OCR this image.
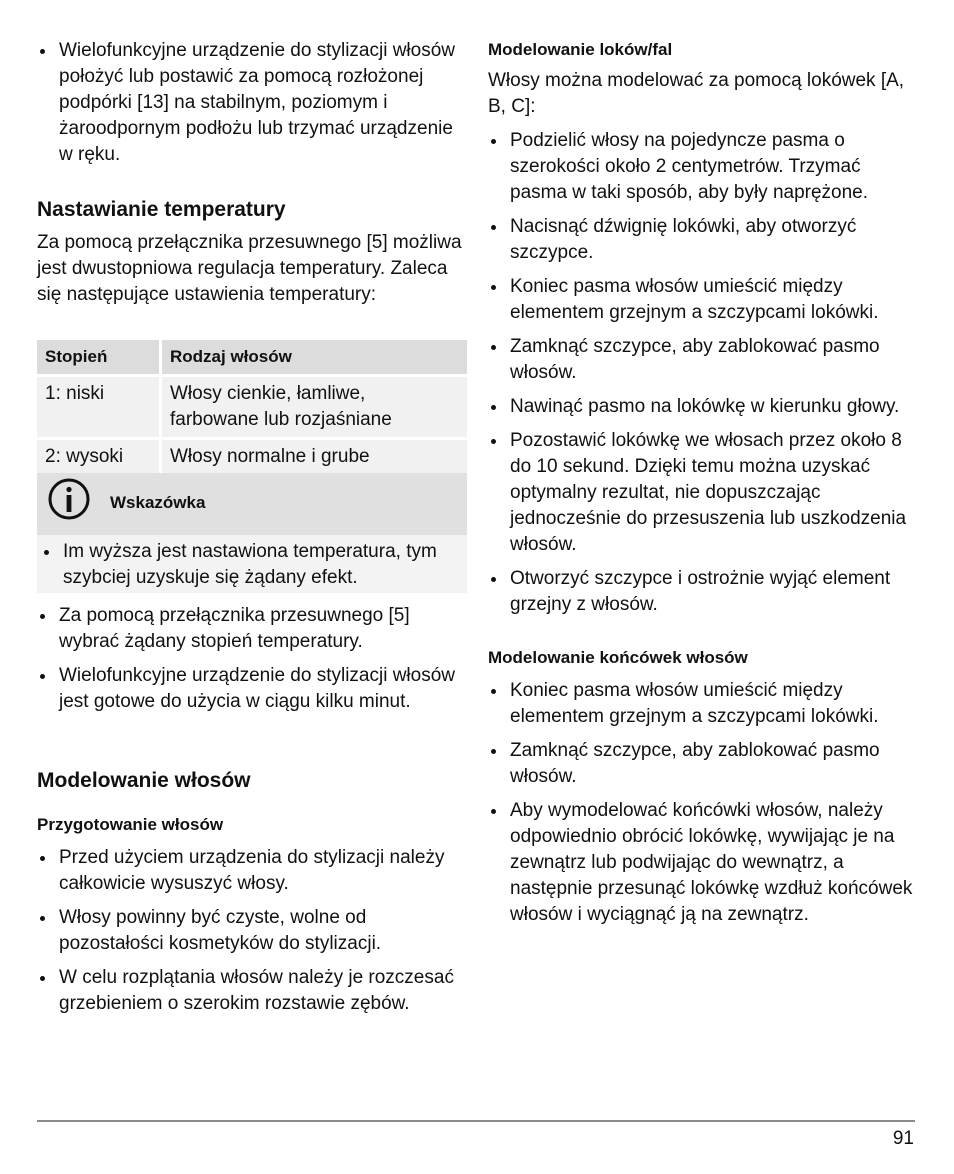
Wielofunkcyjne urządzenie do stylizacji włosów położyć lub postawić za pomocą rozłożonej podpórki [13] na stabilnym, poziomym i żaroodpornym podłożu lub trzymać urządzenie w ręku.
Nastawianie temperatury

Za pomocą przełącznika przesuwnego [5] możliwa jest dwustopniowa regulacja temperatury. Zaleca się następujące ustawienia temperatury:

Stopień	Rodzaj włosów
1: niski	Włosy cienkie, łamliwe, farbowane lub rozjaśniane
2: wysoki	Włosy normalne i grube
Wskazówka
Im wyższa jest nastawiona temperatura, tym szybciej uzyskuje się żądany efekt.
Za pomocą przełącznika przesuwnego [5] wybrać żądany stopień temperatury.
Wielofunkcyjne urządzenie do stylizacji włosów jest gotowe do użycia w ciągu kilku minut.
Modelowanie włosów
Przygotowanie włosów
Przed użyciem urządzenia do stylizacji należy całkowicie wysuszyć włosy.
Włosy powinny być czyste, wolne od pozostałości kosmetyków do stylizacji.
W celu rozplątania włosów należy je rozczesać grzebieniem o szerokim rozstawie zębów.
Modelowanie loków/fal

Włosy można modelować za pomocą lokówek [A, B, C]:

Podzielić włosy na pojedyncze pasma o szerokości około 2 centymetrów. Trzymać pasma w taki sposób, aby były naprężone.
Nacisnąć dźwignię lokówki, aby otworzyć szczypce.
Koniec pasma włosów umieścić między elementem grzejnym a szczypcami lokówki.
Zamknąć szczypce, aby zablokować pasmo włosów.
Nawinąć pasmo na lokówkę w kierunku głowy.
Pozostawić lokówkę we włosach przez około 8 do 10 sekund. Dzięki temu można uzyskać optymalny rezultat, nie dopuszczając jednocześnie do przesuszenia lub uszkodzenia włosów.
Otworzyć szczypce i ostrożnie wyjąć element grzejny z włosów.
Modelowanie końcówek włosów
Koniec pasma włosów umieścić między elementem grzejnym a szczypcami lokówki.
Zamknąć szczypce, aby zablokować pasmo włosów.
Aby wymodelować końcówki włosów, należy odpowiednio obrócić lokówkę, wywijając je na zewnątrz lub podwijając do wewnątrz, a następnie przesunąć lokówkę wzdłuż końcówek włosów i wyciągnąć ją na zewnątrz.
91
